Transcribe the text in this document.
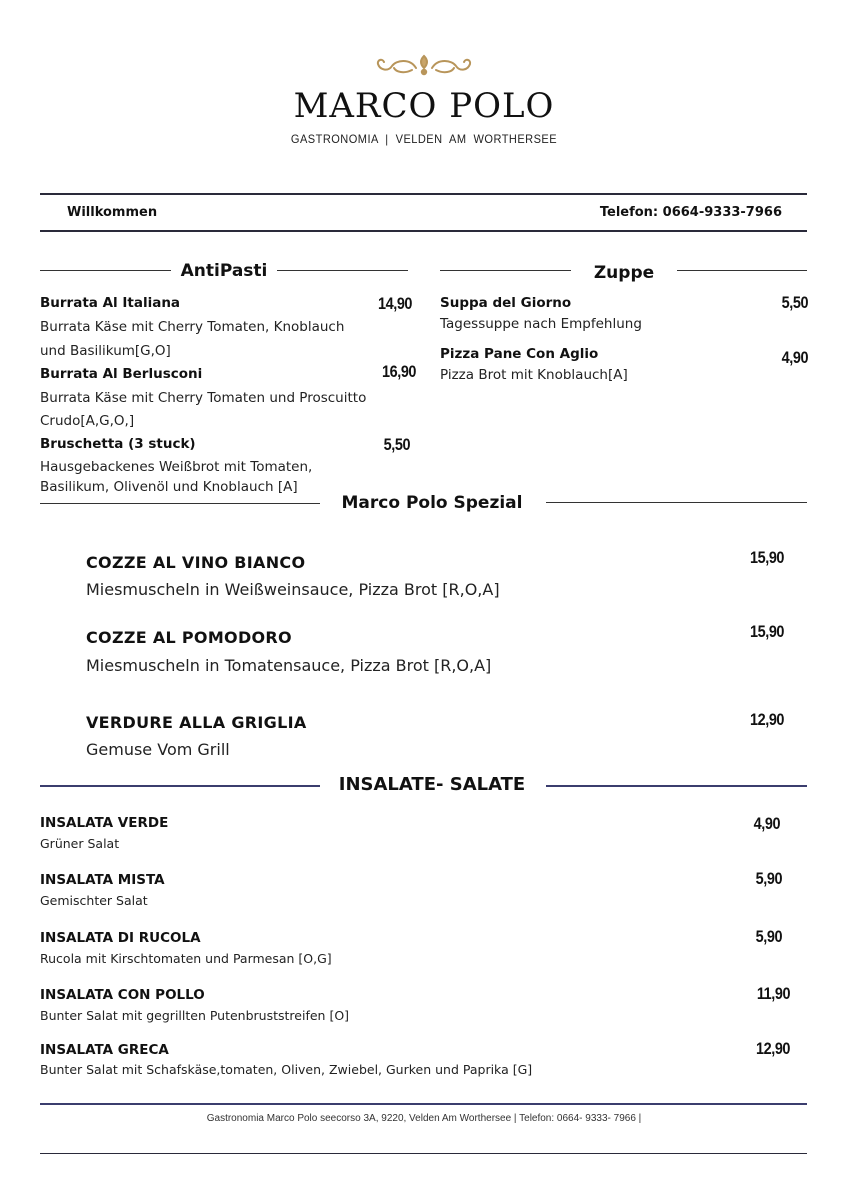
MARCO POLO
GASTRONOMIA  |  VELDEN  AM  WORTHERSEE
Willkommen	Telefon: 0664-9333-7966
AntiPasti
Burrata Al Italiana	14,90
Burrata Käse mit Cherry Tomaten, Knoblauch
und Basilikum[G,O]
Burrata Al Berlusconi	16,90
Burrata Käse mit Cherry Tomaten und Proscuitto
Crudo[A,G,O,]
Bruschetta (3 stuck)	5,50
Hausgebackenes Weißbrot mit Tomaten,
Basilikum, Olivenöl und Knoblauch [A]
Zuppe
Suppa del Giorno	5,50
Tagessuppe nach Empfehlung
Pizza Pane Con Aglio	4,90
Pizza Brot mit Knoblauch[A]
Marco Polo Spezial
COZZE AL VINO BIANCO	15,90
Miesmuscheln in Weißweinsauce, Pizza Brot [R,O,A]
COZZE AL POMODORO	15,90
Miesmuscheln in Tomatensauce, Pizza Brot [R,O,A]
VERDURE ALLA GRIGLIA	12,90
Gemuse Vom Grill
INSALATE- SALATE
INSALATA VERDE	4,90
Grüner Salat
INSALATA MISTA	5,90
Gemischter Salat
INSALATA DI RUCOLA	5,90
Rucola mit Kirschtomaten und Parmesan [O,G]
INSALATA CON POLLO	11,90
Bunter Salat mit gegrillten Putenbruststreifen [O]
INSALATA GRECA	12,90
Bunter Salat mit Schafskäse,tomaten, Oliven, Zwiebel, Gurken und Paprika [G]
Gastronomia Marco Polo seecorso 3A, 9220, Velden Am Worthersee | Telefon: 0664- 9333- 7966 |
